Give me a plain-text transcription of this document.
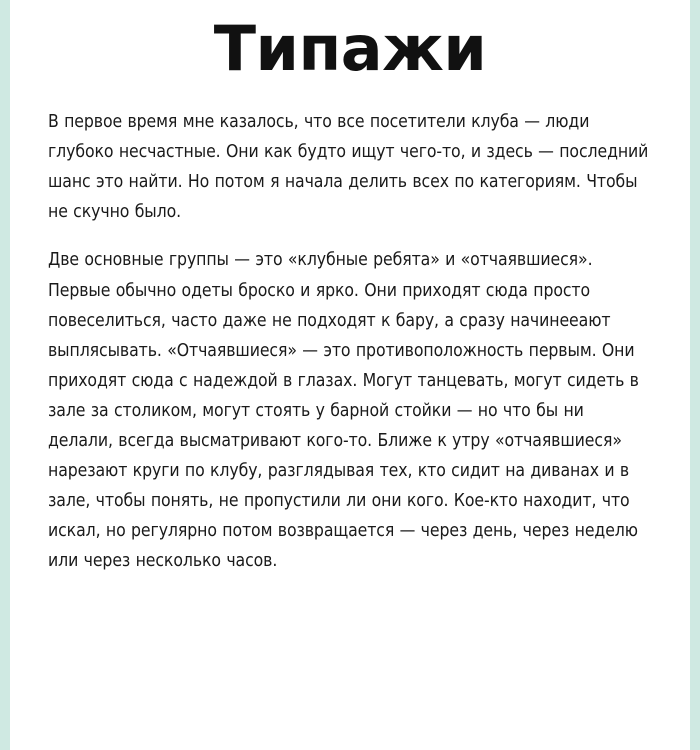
Типажи

В первое время мне казалось, что все посетители клуба — люди глубоко несчастные. Они как будто ищут чего-то, и здесь — последний шанс это найти. Но потом я начала делить всех по категориям. Чтобы не скучно было.

Две основные группы — это «клубные ребята» и «отчаявшиеся». Первые обычно одеты броско и ярко. Они приходят сюда просто повеселиться, часто даже не подходят к бару, а сразу начинееают выплясывать. «Отчаявшиеся» — это противоположность первым. Они приходят сюда с надеждой в глазах. Могут танцевать, могут сидеть в зале за столиком, могут стоять у барной стойки — но что бы ни делали, всегда высматривают кого-то. Ближе к утру «отчаявшиеся» нарезают круги по клубу, разглядывая тех, кто сидит на диванах и в зале, чтобы понять, не пропустили ли они кого. Кое-кто находит, что искал, но регулярно потом возвращается — через день, через неделю или через несколько часов.
